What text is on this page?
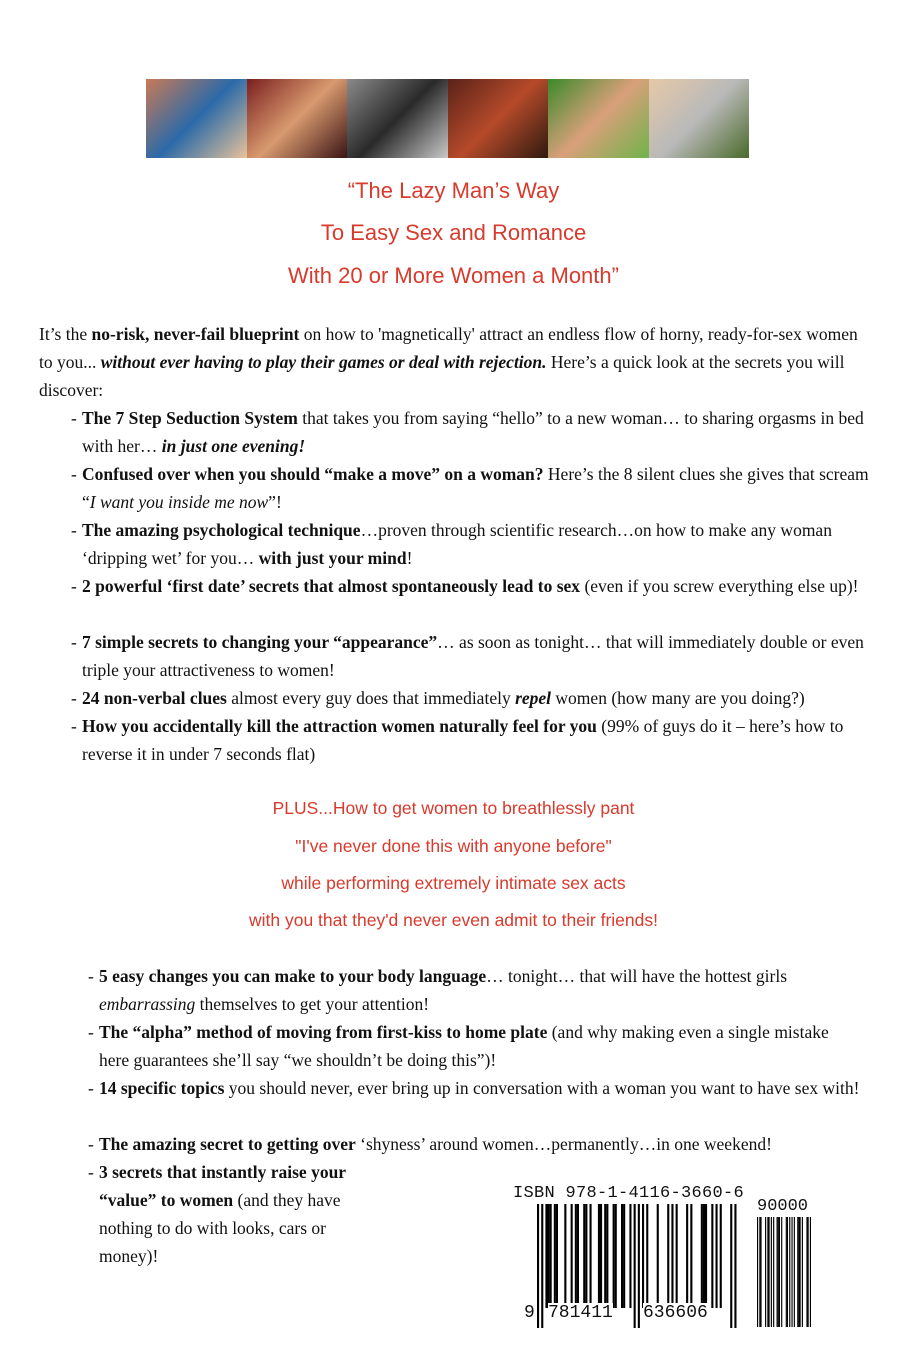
“The Lazy Man’s Way
To Easy Sex and Romance
With 20 or More Women a Month”
It’s the no-risk, never-fail blueprint on how to 'magnetically' attract an endless flow of horny, ready-for-sex women to you... without ever having to play their games or deal with rejection. Here’s a quick look at the secrets you will discover:
- The 7 Step Seduction System that takes you from saying “hello” to a new woman… to sharing orgasms in bed with her… in just one evening!
- Confused over when you should “make a move” on a woman? Here’s the 8 silent clues she gives that scream “I want you inside me now”!
- The amazing psychological technique…proven through scientific research…on how to make any woman ‘dripping wet’ for you… with just your mind!
- 2 powerful ‘first date’ secrets that almost spontaneously lead to sex (even if you screw everything else up)!
- 7 simple secrets to changing your “appearance”… as soon as tonight… that will immediately double or even triple your attractiveness to women!
- 24 non-verbal clues almost every guy does that immediately repel women (how many are you doing?)
- How you accidentally kill the attraction women naturally feel for you (99% of guys do it – here’s how to reverse it in under 7 seconds flat)
PLUS...How to get women to breathlessly pant
"I've never done this with anyone before"
while performing extremely intimate sex acts
with you that they'd never even admit to their friends!
- 5 easy changes you can make to your body language… tonight… that will have the hottest girls embarrassing themselves to get your attention!
- The “alpha” method of moving from first-kiss to home plate (and why making even a single mistake here guarantees she’ll say “we shouldn’t be doing this”)!
- 14 specific topics you should never, ever bring up in conversation with a woman you want to have sex with!
- The amazing secret to getting over ‘shyness’ around women…permanently…in one weekend!
- 3 secrets that instantly raise your “value” to women (and they have nothing to do with looks, cars or money)!
ISBN 978-1-4116-3660-6
90000
9 781411 636606
